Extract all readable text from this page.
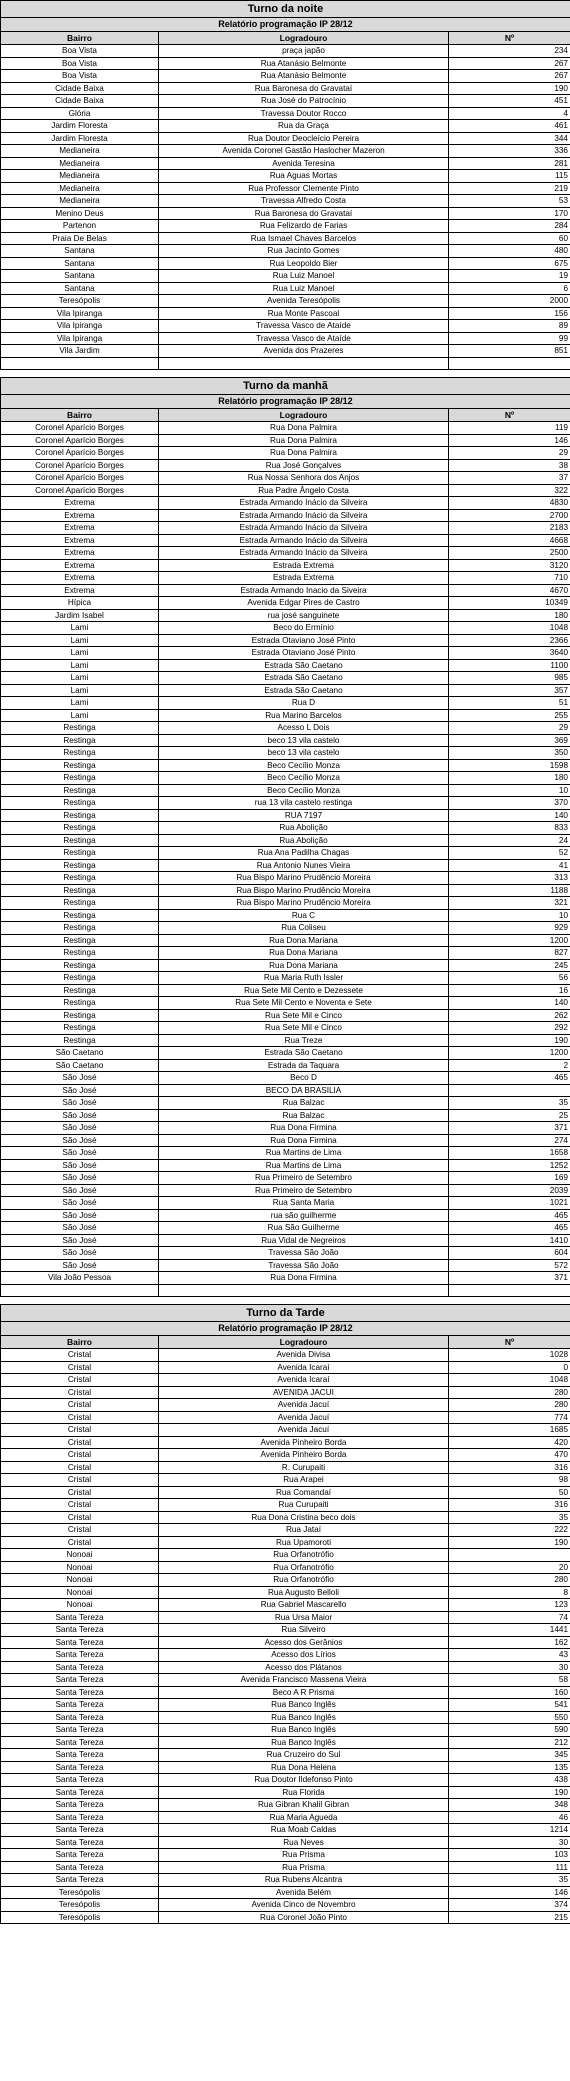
Turno da noite		
Relatório programação IP 28/12		
Bairro	Logradouro	Nº
Boa Vista	praça japão	234
Boa Vista	Rua Atanásio Belmonte	267
Boa Vista	Rua Atanásio Belmonte	267
Cidade Baixa	Rua Baronesa do Gravataí	190
Cidade Baixa	Rua José do Patrocínio	451
Glória	Travessa Doutor Rocco	4
Jardim Floresta	Rua da Graça	461
Jardim Floresta	Rua Doutor Deocleício Pereira	344
Medianeira	Avenida Coronel Gastão Haslocher Mazeron	336
Medianeira	Avenida Teresina	281
Medianeira	Rua Aguas Mortas	115
Medianeira	Rua Professor Clemente Pinto	219
Medianeira	Travessa Alfredo Costa	53
Menino Deus	Rua Baronesa do Gravataí	170
Partenon	Rua Felizardo de Farias	284
Praia De Belas	Rua Ismael Chaves Barcelos	60
Santana	Rua Jacinto Gomes	480
Santana	Rua Leopoldo Bier	675
Santana	Rua Luiz Manoel	19
Santana	Rua Luiz Manoel	6
Teresópolis	Avenida Teresópolis	2000
Vila Ipiranga	Rua Monte Pascoal	156
Vila Ipiranga	Travessa Vasco de Ataíde	89
Vila Ipiranga	Travessa Vasco de Ataíde	99
Vila Jardim	Avenida dos Prazeres	851

Turno da manhã		
Relatório programação IP 28/12		
Bairro	Logradouro	Nº
Coronel Aparício Borges	Rua Dona Palmira	119
Coronel Aparício Borges	Rua Dona Palmira	146
Coronel Aparício Borges	Rua Dona Palmira	29
Coronel Aparício Borges	Rua José Gonçalves	38
Coronel Aparício Borges	Rua Nossa Senhora dos Anjos	37
Coronel Aparício Borges	Rua Padre Ângelo Costa	322
Extrema	Estrada Armando Inácio da Silveira	4830
Extrema	Estrada Armando Inácio da Silveira	2700
Extrema	Estrada Armando Inácio da Silveira	2183
Extrema	Estrada Armando Inácio da Silveira	4668
Extrema	Estrada Armando Inácio da Silveira	2500
Extrema	Estrada Extrema	3120
Extrema	Estrada Extrema	710
Extrema	Estrada Armando Inacio da Siveira	4670
Hípica	Avenida Edgar Pires de Castro	10349
Jardim Isabel	rua josé sanguinete	180
Lami	Beco do Ermínio	1048
Lami	Estrada Otaviano José Pinto	2366
Lami	Estrada Otaviano José Pinto	3640
Lami	Estrada São Caetano	1100
Lami	Estrada São Caetano	985
Lami	Estrada São Caetano	357
Lami	Rua D	51
Lami	Rua Marino Barcelos	255
Restinga	Acesso L Dois	29
Restinga	beco 13 vila castelo	369
Restinga	beco 13 vila castelo	350
Restinga	Beco Cecílio Monza	1598
Restinga	Beco Cecílio Monza	180
Restinga	Beco Cecílio Monza	10
Restinga	rua 13 vila castelo restinga	370
Restinga	RUA 7197	140
Restinga	Rua Abolição	833
Restinga	Rua Abolição	24
Restinga	Rua Ana Padilha Chagas	52
Restinga	Rua Antonio Nunes Vieira	41
Restinga	Rua Bispo Marino Prudêncio Moreira	313
Restinga	Rua Bispo Marino Prudêncio Moreira	1188
Restinga	Rua Bispo Marino Prudêncio Moreira	321
Restinga	Rua C	10
Restinga	Rua Coliseu	929
Restinga	Rua Dona Mariana	1200
Restinga	Rua Dona Mariana	827
Restinga	Rua Dona Mariana	245
Restinga	Rua Maria Ruth Issler	56
Restinga	Rua Sete Mil Cento e Dezessete	16
Restinga	Rua Sete Mil Cento e Noventa e Sete	140
Restinga	Rua Sete Mil e Cinco	262
Restinga	Rua Sete Mil e Cinco	292
Restinga	Rua Treze	190
São Caetano	Estrada São Caetano	1200
São Caetano	Estrada da Taquara	2
São José	Beco D	465
São José	BECO DA BRASILIA	
São José	Rua Balzac	35
São José	Rua Balzac	25
São José	Rua Dona Firmina	371
São José	Rua Dona Firmina	274
São José	Rua Martins de Lima	1658
São José	Rua Martins de Lima	1252
São José	Rua Primeiro de Setembro	169
São José	Rua Primeiro de Setembro	2039
São José	Rua Santa Maria	1021
São José	rua são guilherme	465
São José	Rua São Guilherme	465
São José	Rua Vidal de Negreiros	1410
São José	Travessa São João	604
São José	Travessa São João	572
Vila João Pessoa	Rua Dona Firmina	371

Turno da Tarde		
Relatório programação IP 28/12		
Bairro	Logradouro	Nº
Cristal	Avenida Divisa	1028
Cristal	Avenida Icaraí	0
Cristal	Avenida Icaraí	1048
Cristal	AVENIDA JACUI	280
Cristal	Avenida Jacuí	280
Cristal	Avenida Jacuí	774
Cristal	Avenida Jacuí	1685
Cristal	Avenida Pinheiro Borda	420
Cristal	Avenida Pinheiro Borda	470
Cristal	R. Curupaiti	316
Cristal	Rua Arapei	98
Cristal	Rua Comandaí	50
Cristal	Rua Curupaiti	316
Cristal	Rua Dona Cristina beco dois	35
Cristal	Rua Jataí	222
Cristal	Rua Upamoroti	190
Nonoai	Rua Orfanotrófio	
Nonoai	Rua Orfanotrófio	20
Nonoai	Rua Orfanotrófio	280
Nonoai	Rua Augusto Belloli	8
Nonoai	Rua Gabriel Mascarello	123
Santa Tereza	Rua Ursa Maior	74
Santa Tereza	Rua Silveiro	1441
Santa Tereza	Acesso dos Gerânios	162
Santa Tereza	Acesso dos Lírios	43
Santa Tereza	Acesso dos Plátanos	30
Santa Tereza	Avenida Francisco Massena Vieira	58
Santa Tereza	Beco A R Prisma	160
Santa Tereza	Rua Banco Inglês	541
Santa Tereza	Rua Banco Inglês	550
Santa Tereza	Rua Banco Inglês	590
Santa Tereza	Rua Banco Inglês	212
Santa Tereza	Rua Cruzeiro do Sul	345
Santa Tereza	Rua Dona Helena	135
Santa Tereza	Rua Doutor Ildefonso Pinto	438
Santa Tereza	Rua Florida	190
Santa Tereza	Rua Gibran Khalil Gibran	348
Santa Tereza	Rua Maria Agueda	46
Santa Tereza	Rua Moab Caldas	1214
Santa Tereza	Rua Neves	30
Santa Tereza	Rua Prisma	103
Santa Tereza	Rua Prisma	111
Santa Tereza	Rua Rubens Alcantra	35
Teresópolis	Avenida Belém	146
Teresópolis	Avenida Cinco de Novembro	374
Teresópolis	Rua Coronel João Pinto	215
